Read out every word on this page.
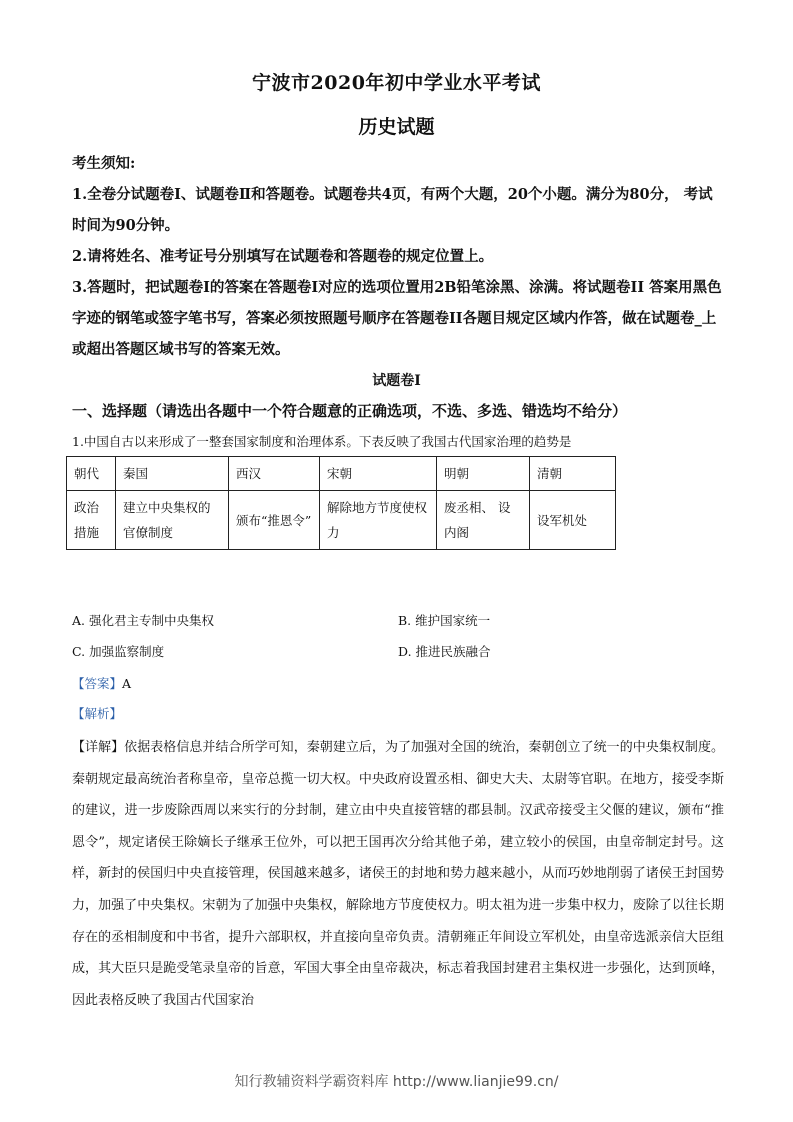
宁波市2020年初中学业水平考试
历史试题

考生须知:

1.全卷分试题卷Ⅰ、试题卷Ⅱ和答题卷。试题卷共4页，有两个大题，20个小题。满分为80分， 考试时间为90分钟。

2.请将姓名、准考证号分别填写在试题卷和答题卷的规定位置上。

3.答题时，把试题卷Ⅰ的答案在答题卷Ⅰ对应的选项位置用2B铅笔涂黑、涂满。将试题卷II 答案用黑色字迹的钢笔或签字笔书写，答案必须按照题号顺序在答题卷II各题目规定区域内作答，做在试题卷_上或超出答题区域书写的答案无效。

试题卷I
一、选择题（请选出各题中一个符合题意的正确选项，不选、多选、错选均不给分）
1.中国自古以来形成了一整套国家制度和治理体系。下表反映了我国古代国家治理的趋势是
朝代	秦国	西汉	宋朝	明朝	清朝
政治措施	建立中央集权的官僚制度	颁布“推恩令”	解除地方节度使权力	废丞相、 设内阁	设军机处
A. 强化君主专制中央集权	B. 维护国家统一
C. 加强监察制度	D. 推进民族融合
【答案】A
【解析】

【详解】依据表格信息并结合所学可知，秦朝建立后，为了加强对全国的统治，秦朝创立了统一的中央集权制度。秦朝规定最高统治者称皇帝，皇帝总揽一切大权。中央政府设置丞相、御史大夫、太尉等官职。在地方，接受李斯的建议，进一步废除西周以来实行的分封制，建立由中央直接管辖的郡县制。汉武帝接受主父偃的建议，颁布“推恩令”，规定诸侯王除嫡长子继承王位外，可以把王国再次分给其他子弟，建立较小的侯国，由皇帝制定封号。这样，新封的侯国归中央直接管理，侯国越来越多，诸侯王的封地和势力越来越小，从而巧妙地削弱了诸侯王封国势力，加强了中央集权。宋朝为了加强中央集权，解除地方节度使权力。明太祖为进一步集中权力，废除了以往长期存在的丞相制度和中书省，提升六部职权，并直接向皇帝负责。清朝雍正年间设立军机处，由皇帝选派亲信大臣组成，其大臣只是跪受笔录皇帝的旨意，军国大事全由皇帝裁决，标志着我国封建君主集权进一步强化，达到顶峰，因此表格反映了我国古代国家治

知行教辅资料学霸资料库 http://www.lianjie99.cn/
